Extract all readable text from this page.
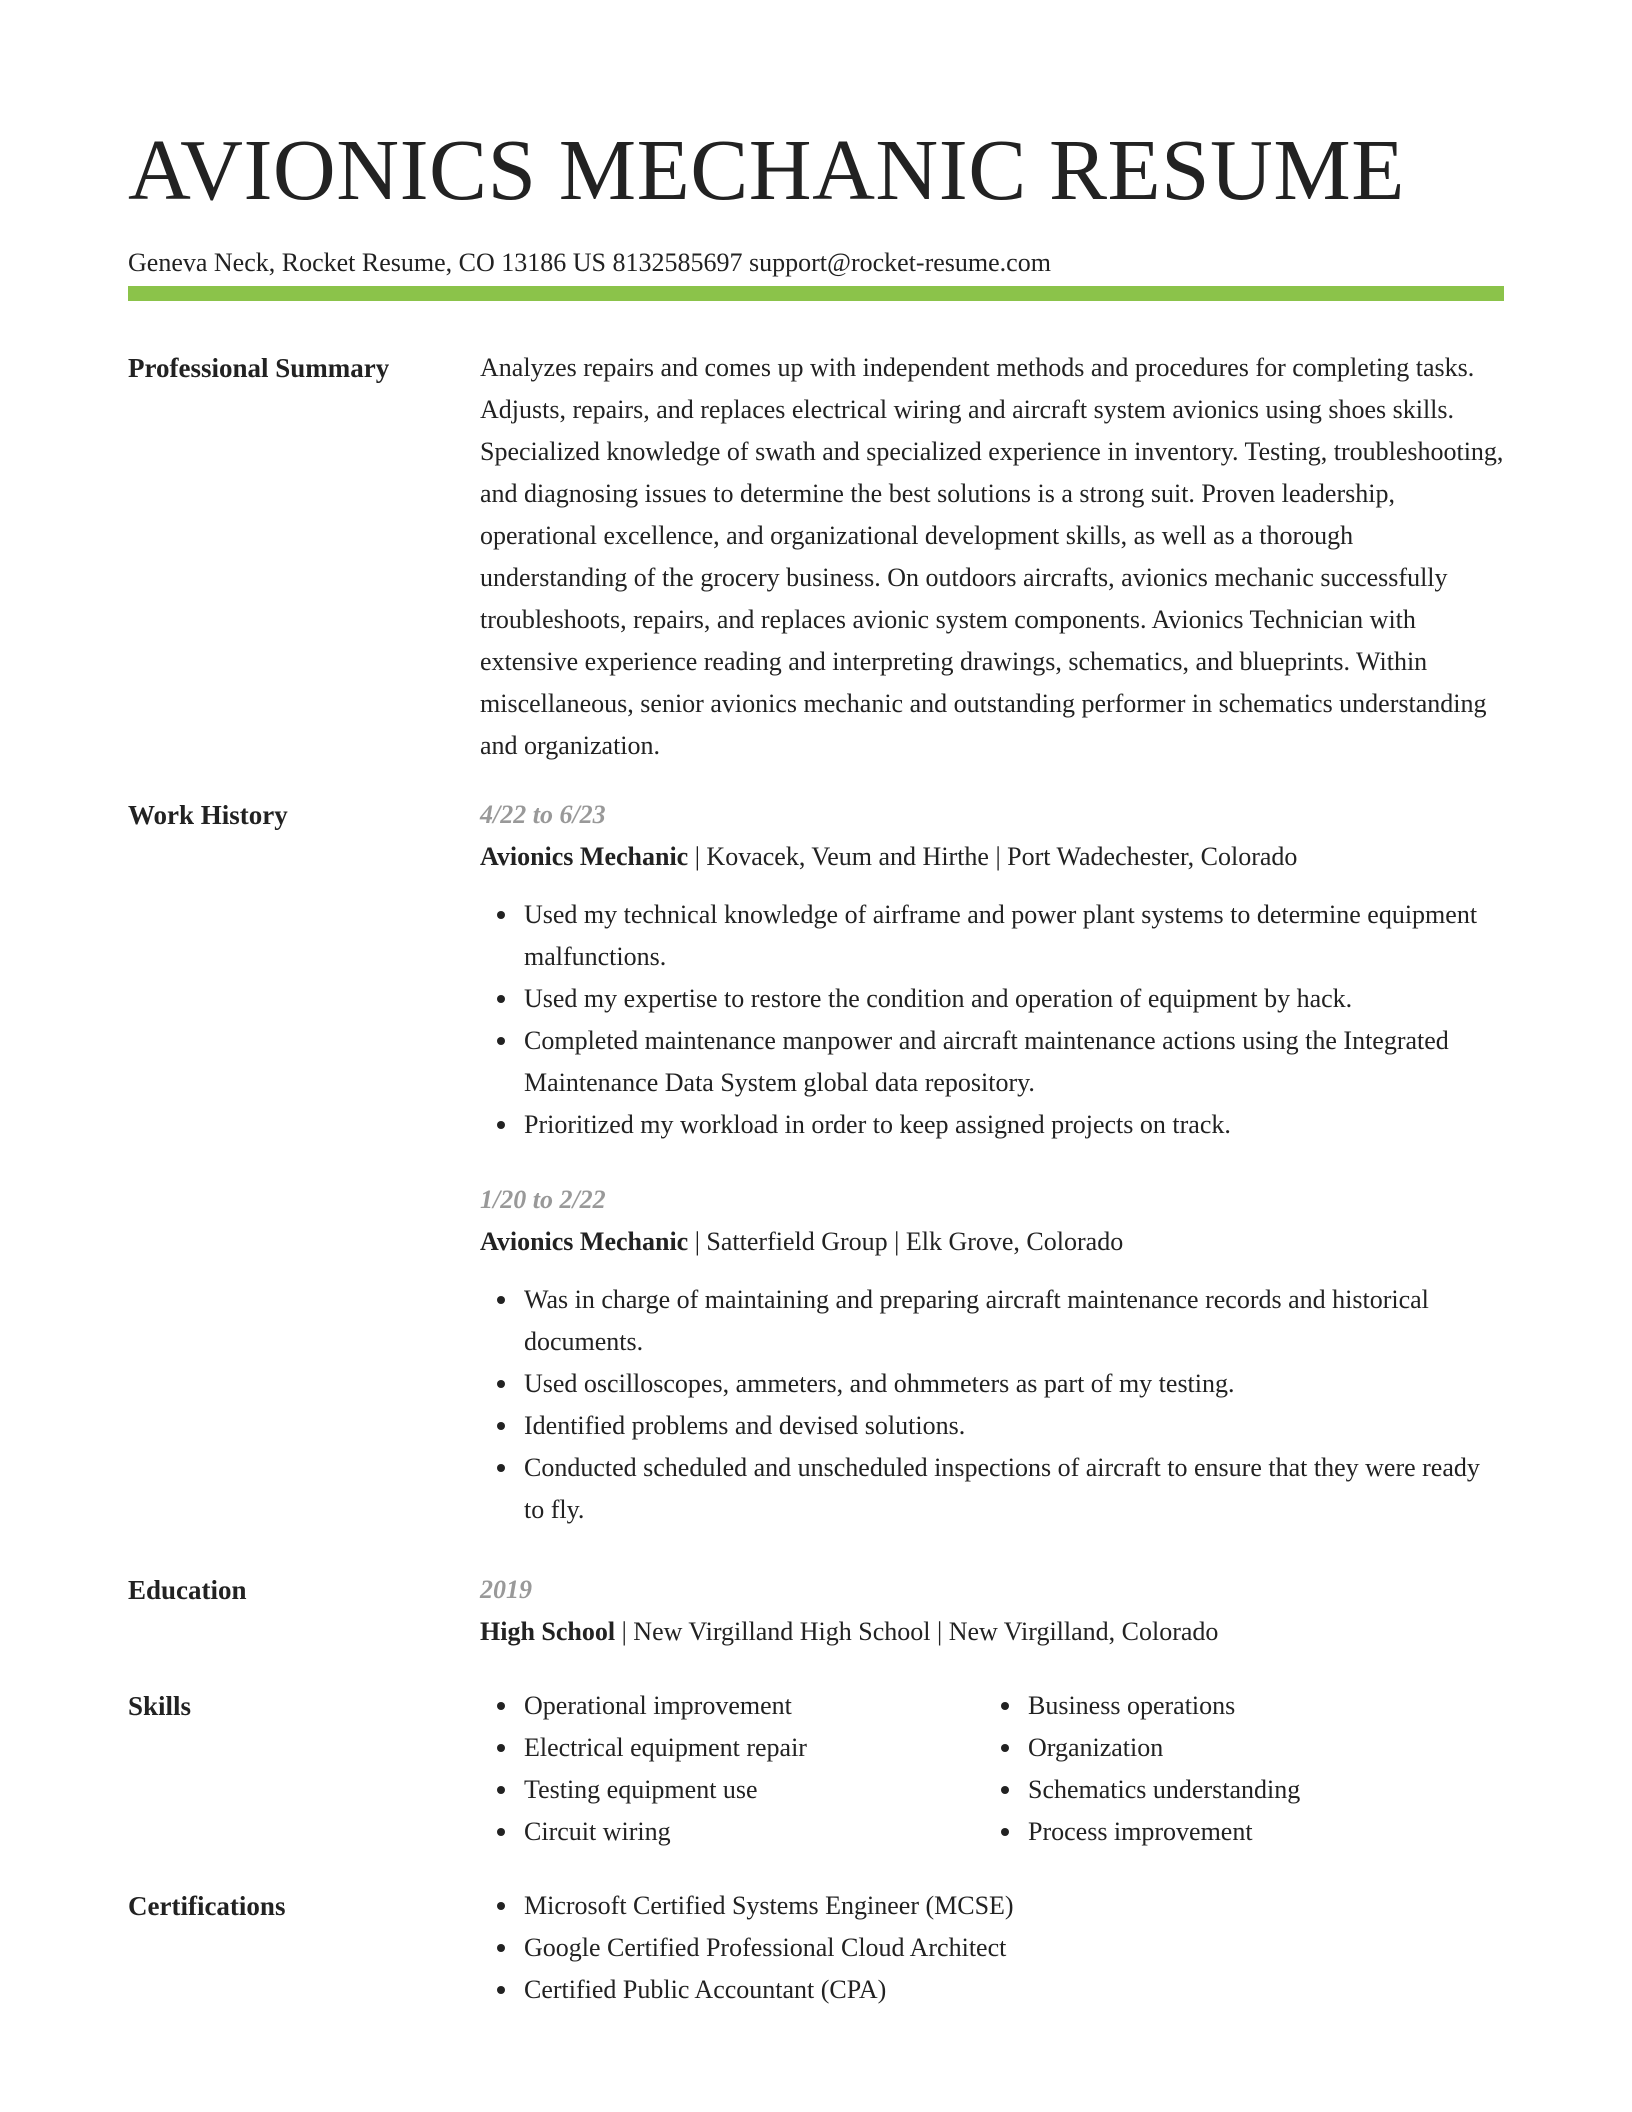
AVIONICS MECHANIC RESUME
Geneva Neck, Rocket Resume, CO 13186 US 8132585697 support@rocket-resume.com
Professional Summary	Analyzes repairs and comes up with independent methods and procedures for completing tasks. Adjusts, repairs, and replaces electrical wiring and aircraft system avionics using shoes skills. Specialized knowledge of swath and specialized experience in inventory. Testing, troubleshooting, and diagnosing issues to determine the best solutions is a strong suit. Proven leadership, operational excellence, and organizational development skills, as well as a thorough understanding of the grocery business. On outdoors aircrafts, avionics mechanic successfully troubleshoots, repairs, and replaces avionic system components. Avionics Technician with extensive experience reading and interpreting drawings, schematics, and blueprints. Within miscellaneous, senior avionics mechanic and outstanding performer in schematics understanding and organization.

Work History	4/22 to 6/23
Avionics Mechanic | Kovacek, Veum and Hirthe | Port Wadechester, Colorado
Used my technical knowledge of airframe and power plant systems to determine equipment malfunctions.
Used my expertise to restore the condition and operation of equipment by hack.
Completed maintenance manpower and aircraft maintenance actions using the Integrated Maintenance Data System global data repository.
Prioritized my workload in order to keep assigned projects on track.
1/20 to 2/22
Avionics Mechanic | Satterfield Group | Elk Grove, Colorado
Was in charge of maintaining and preparing aircraft maintenance records and historical documents.
Used oscilloscopes, ammeters, and ohmmeters as part of my testing.
Identified problems and devised solutions.
Conducted scheduled and unscheduled inspections of aircraft to ensure that they were ready to fly.
Education	2019
High School | New Virgilland High School | New Virgilland, Colorado
Skills	Operational improvement
Electrical equipment repair
Testing equipment use
Circuit wiring
Business operations
Organization
Schematics understanding
Process improvement
Certifications	Microsoft Certified Systems Engineer (MCSE)
Google Certified Professional Cloud Architect
Certified Public Accountant (CPA)
